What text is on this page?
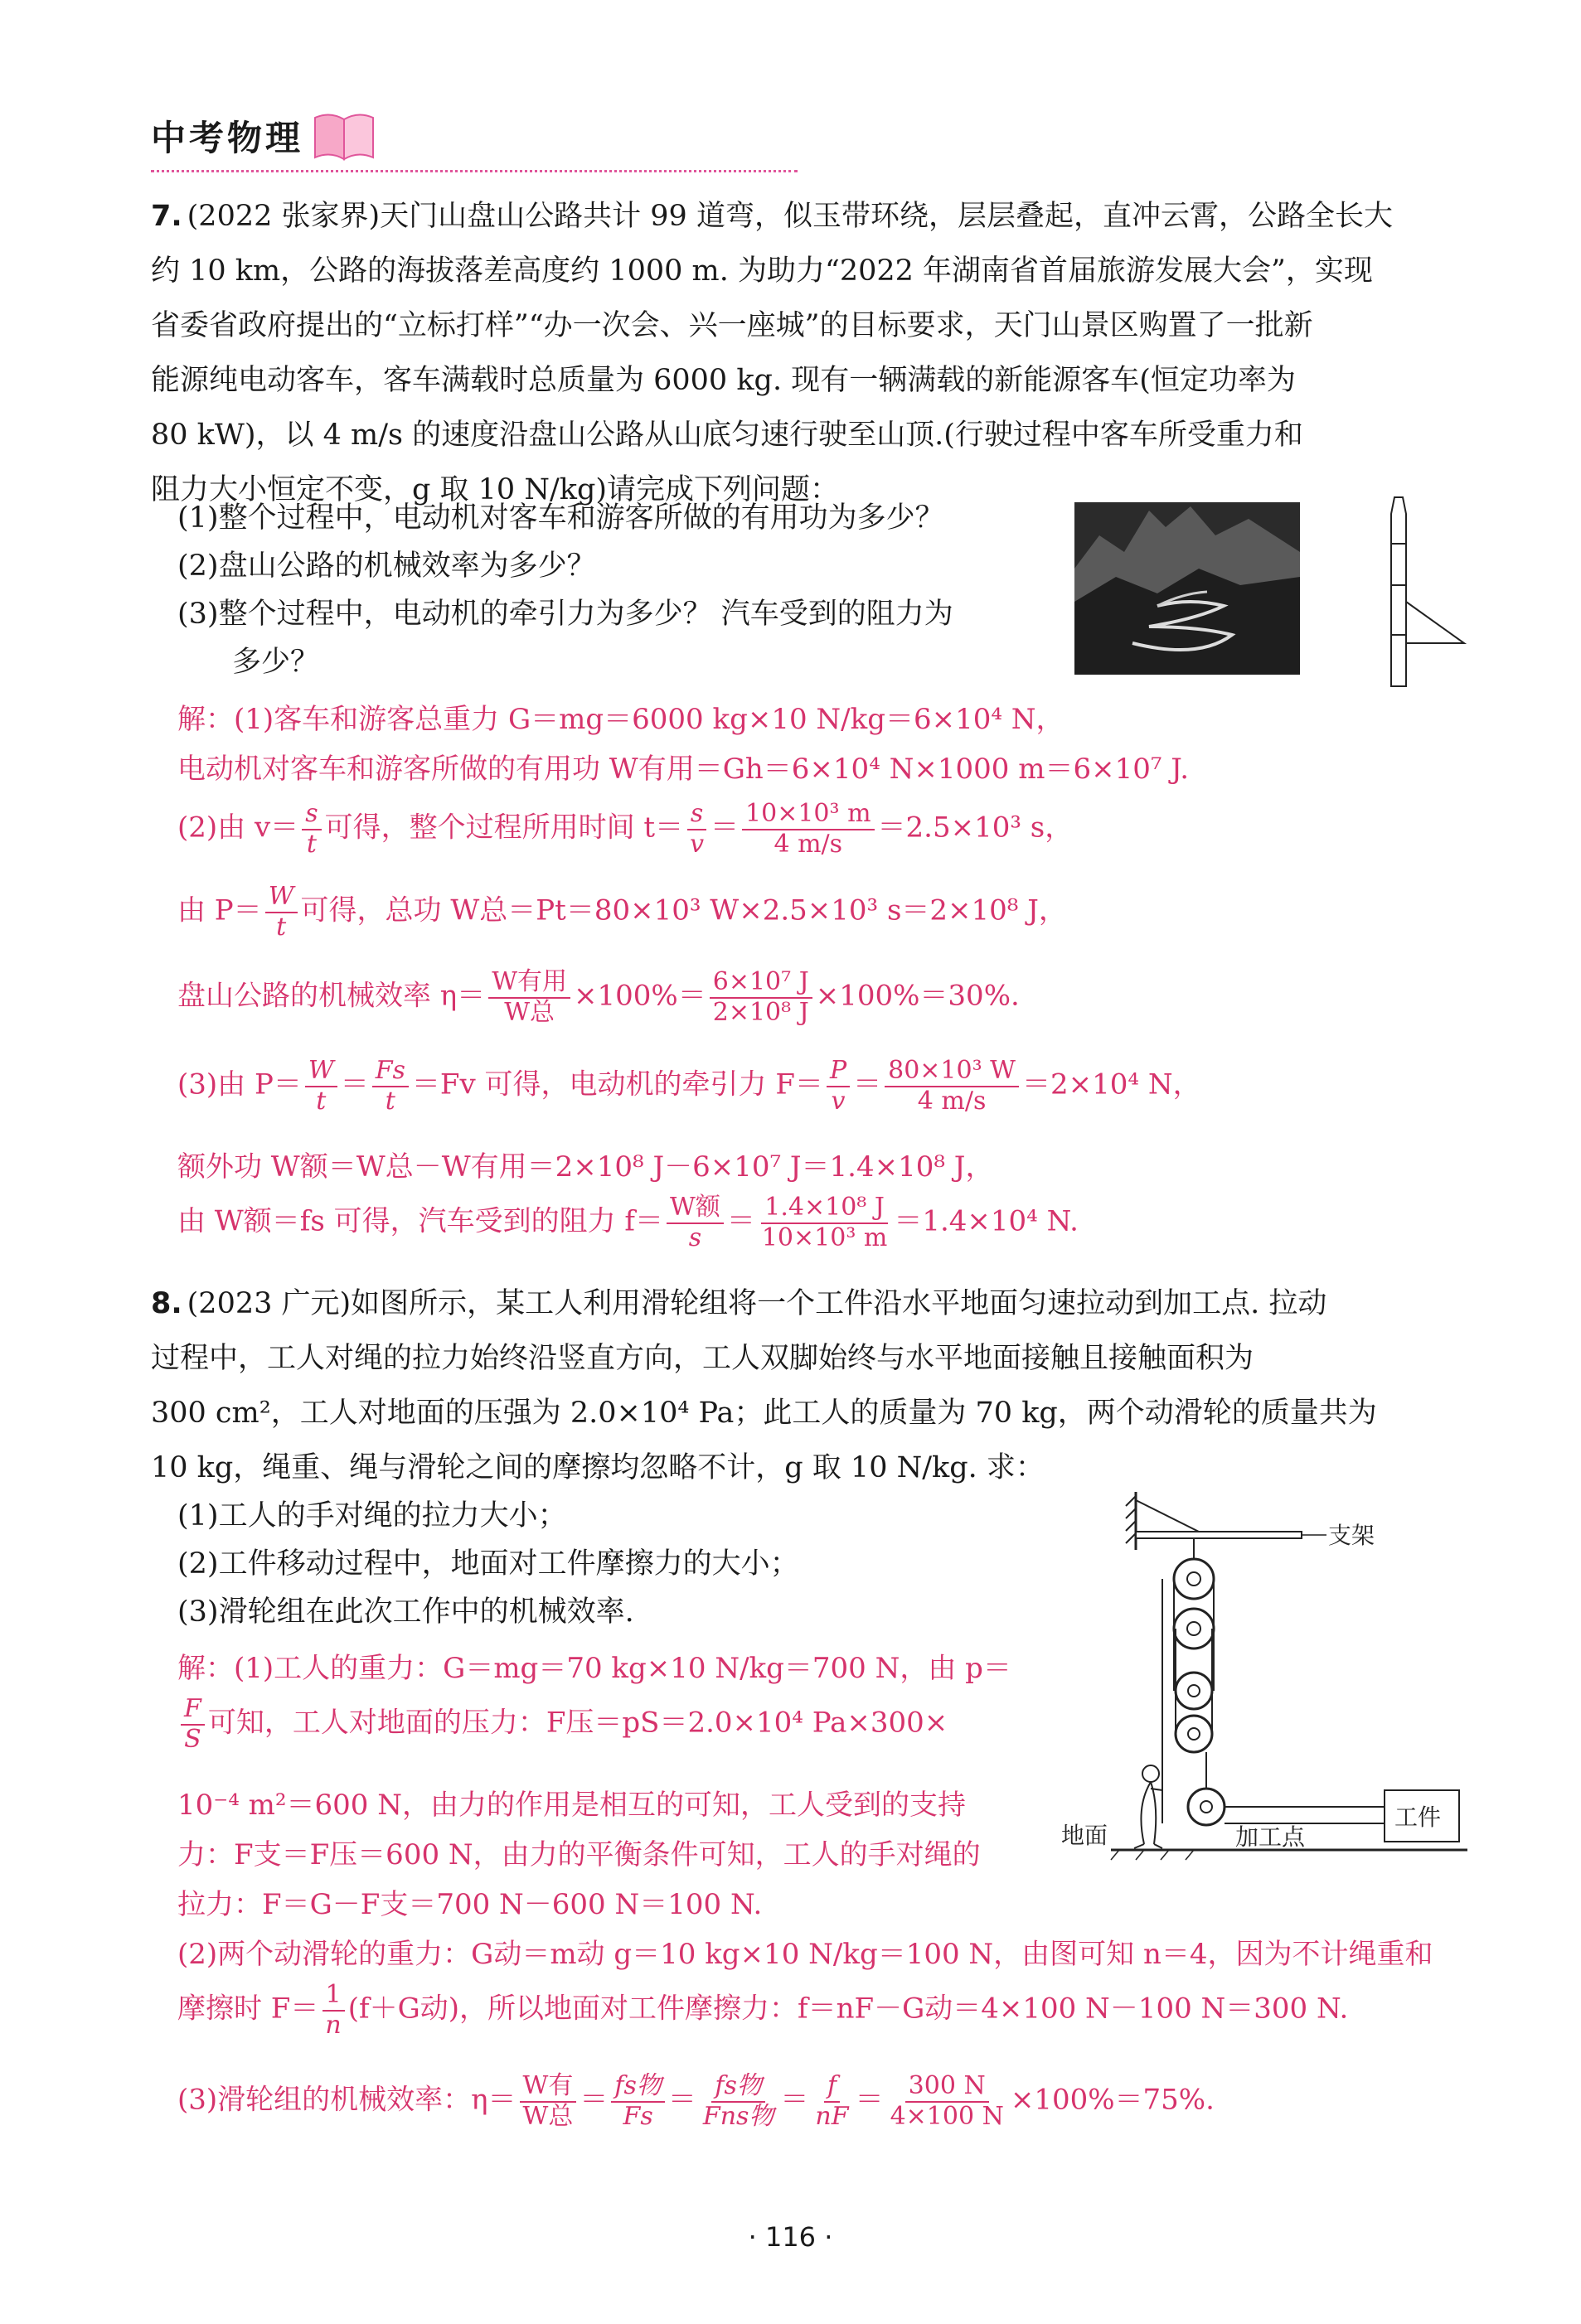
中考物理
7. (2022 张家界)天门山盘山公路共计 99 道弯，似玉带环绕，层层叠起，直冲云霄，公路全长大
约 10 km，公路的海拔落差高度约 1000 m. 为助力“2022 年湖南省首届旅游发展大会”，实现
省委省政府提出的“立标打样”“办一次会、兴一座城”的目标要求，天门山景区购置了一批新
能源纯电动客车，客车满载时总质量为 6000 kg. 现有一辆满载的新能源客车(恒定功率为
80 kW)，以 4 m/s 的速度沿盘山公路从山底匀速行驶至山顶.(行驶过程中客车所受重力和
阻力大小恒定不变，g 取 10 N/kg)请完成下列问题：
(1)整个过程中，电动机对客车和游客所做的有用功为多少？
(2)盘山公路的机械效率为多少？
(3)整个过程中，电动机的牵引力为多少？ 汽车受到的阻力为
多少？
解：(1)客车和游客总重力 G＝mg＝6000 kg×10 N/kg＝6×10⁴ N，
电动机对客车和游客所做的有用功 W有用＝Gh＝6×10⁴ N×1000 m＝6×10⁷ J.
(2)由 $v= \frac{s}{t}$ 可得，整个过程所用时间 $t= \frac{s}{v} = \frac{\text{10×10³ m}}{4 m/s} =2.5\times 10^3$ s，
由 $P= \frac{W}{t}$ 可得，总功 W总＝Pt＝80×10³ W×2.5×10³ s＝2×10⁸ J，
盘山公路的机械效率 $\eta= \frac{\text{W有用}}{\text{W总}} \times 100\%= \frac{\text{6×10⁷ J}}{\text{2×10⁸ J}} \times 100\%=30\%$.
(3)由 $P= \frac{W}{t} = \frac{Fs}{t} =Fv$ 可得，电动机的牵引力 $F= \frac{P}{v} = \frac{\text{80×10³ W}}{4 m/s} =2\times 10^4$ N，
额外功 W额＝W总－W有用＝2×10⁸ J－6×10⁷ J＝1.4×10⁸ J，
由 W额＝fs 可得，汽车受到的阻力 $f= \frac{\text{W额}}{s} = \frac{\text{1.4×10⁸ J}}{\text{10×10³ m}} =1.4\times 10^4$ N.
8. (2023 广元)如图所示，某工人利用滑轮组将一个工件沿水平地面匀速拉动到加工点. 拉动
过程中，工人对绳的拉力始终沿竖直方向，工人双脚始终与水平地面接触且接触面积为
300 cm²，工人对地面的压强为 2.0×10⁴ Pa；此工人的质量为 70 kg，两个动滑轮的质量共为
10 kg，绳重、绳与滑轮之间的摩擦均忽略不计，g 取 10 N/kg. 求：
(1)工人的手对绳的拉力大小；
(2)工件移动过程中，地面对工件摩擦力的大小；
(3)滑轮组在此次工作中的机械效率.
支架
工件
地面	加工点
解：(1)工人的重力：G＝mg＝70 kg×10 N/kg＝700 N，由 p＝
$\frac{F}{S}$ 可知，工人对地面的压力：F压＝pS＝2.0×10⁴ Pa×300×
10⁻⁴ m²＝600 N，由力的作用是相互的可知，工人受到的支持
力：F支＝F压＝600 N，由力的平衡条件可知，工人的手对绳的
拉力：F＝G－F支＝700 N－600 N＝100 N.
(2)两个动滑轮的重力：G动＝m动 g＝10 kg×10 N/kg＝100 N，由图可知 n＝4，因为不计绳重和
摩擦时 $F= \frac{1}{n} (f+G$动)，所以地面对工件摩擦力：f＝nF－G动＝4×100 N－100 N＝300 N.
(3)滑轮组的机械效率：$\eta= \frac{\text{W有}}{\text{W总}} = \frac{\text{fs物}}{Fs} = \frac{\text{fs物}}{\text{Fns物}} = \frac{f}{nF} = \frac{300 N}{4\times 100 N} \times 100\%=75\%$.
· 116 ·
